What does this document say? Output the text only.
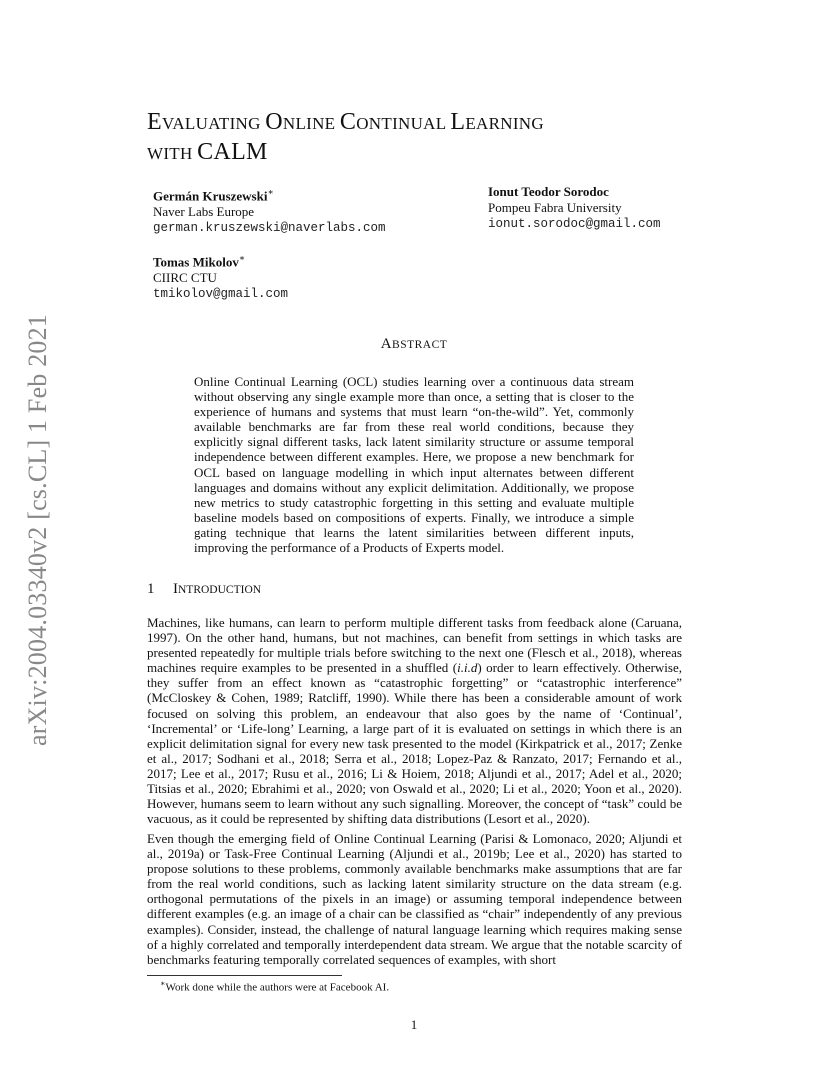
arXiv:2004.03340v2 [cs.CL] 1 Feb 2021
EVALUATING ONLINE CONTINUAL LEARNING
WITH CALM
Germán Kruszewski∗
Naver Labs Europe
german.kruszewski@naverlabs.com
Ionut Teodor Sorodoc
Pompeu Fabra University
ionut.sorodoc@gmail.com
Tomas Mikolov∗
CIIRC CTU
tmikolov@gmail.com
ABSTRACT
Online Continual Learning (OCL) studies learning over a continuous data stream without observing any single example more than once, a setting that is closer to the experience of humans and systems that must learn “on-the-wild”. Yet, commonly available benchmarks are far from these real world conditions, because they explicitly signal different tasks, lack latent similarity structure or assume temporal independence between different examples. Here, we propose a new benchmark for OCL based on language modelling in which input alternates between different languages and domains without any explicit delimitation. Additionally, we propose new metrics to study catastrophic forgetting in this setting and evaluate multiple baseline models based on compositions of experts. Finally, we introduce a simple gating technique that learns the latent similarities between different inputs, improving the performance of a Products of Experts model.
1 INTRODUCTION

Machines, like humans, can learn to perform multiple different tasks from feedback alone (Caruana, 1997). On the other hand, humans, but not machines, can benefit from settings in which tasks are presented repeatedly for multiple trials before switching to the next one (Flesch et al., 2018), whereas machines require examples to be presented in a shuffled (i.i.d) order to learn effectively. Otherwise, they suffer from an effect known as “catastrophic forgetting” or “catastrophic interference” (McCloskey & Cohen, 1989; Ratcliff, 1990). While there has been a considerable amount of work focused on solving this problem, an endeavour that also goes by the name of ‘Continual’, ‘Incremental’ or ‘Life-long’ Learning, a large part of it is evaluated on settings in which there is an explicit delimitation signal for every new task presented to the model (Kirkpatrick et al., 2017; Zenke et al., 2017; Sodhani et al., 2018; Serra et al., 2018; Lopez-Paz & Ranzato, 2017; Fernando et al., 2017; Lee et al., 2017; Rusu et al., 2016; Li & Hoiem, 2018; Aljundi et al., 2017; Adel et al., 2020; Titsias et al., 2020; Ebrahimi et al., 2020; von Oswald et al., 2020; Li et al., 2020; Yoon et al., 2020). However, humans seem to learn without any such signalling. Moreover, the concept of “task” could be vacuous, as it could be represented by shifting data distributions (Lesort et al., 2020).

Even though the emerging field of Online Continual Learning (Parisi & Lomonaco, 2020; Aljundi et al., 2019a) or Task-Free Continual Learning (Aljundi et al., 2019b; Lee et al., 2020) has started to propose solutions to these problems, commonly available benchmarks make assumptions that are far from the real world conditions, such as lacking latent similarity structure on the data stream (e.g. orthogonal permutations of the pixels in an image) or assuming temporal independence between different examples (e.g. an image of a chair can be classified as “chair” independently of any previous examples). Consider, instead, the challenge of natural language learning which requires making sense of a highly correlated and temporally interdependent data stream. We argue that the notable scarcity of benchmarks featuring temporally correlated sequences of examples, with short

∗Work done while the authors were at Facebook AI.
1
